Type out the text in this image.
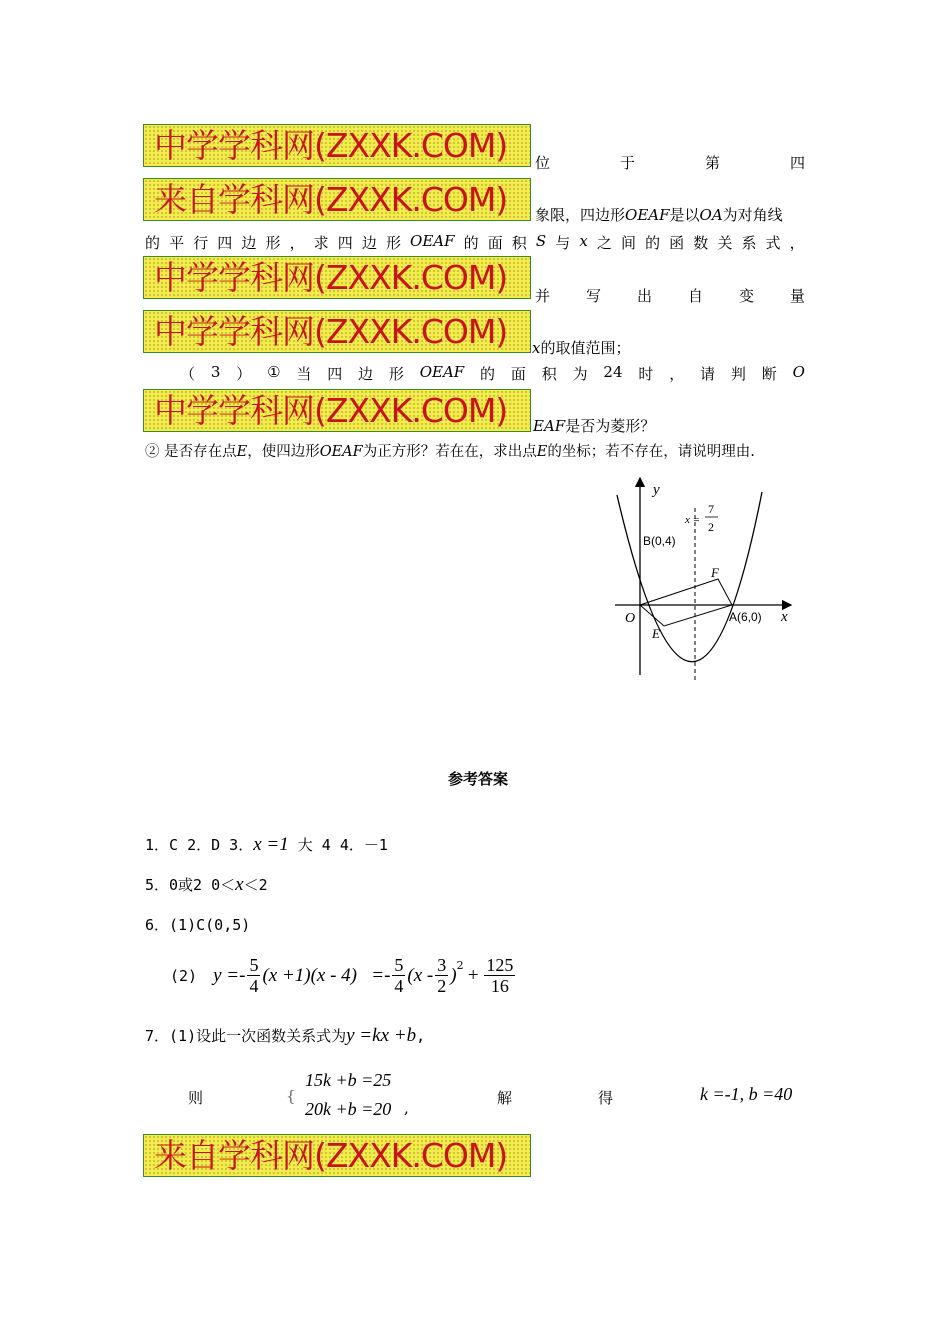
中学学科网(ZXXK.COM)
来自学科网(ZXXK.COM)
中学学科网(ZXXK.COM)
中学学科网(ZXXK.COM)
中学学科网(ZXXK.COM)
来自学科网(ZXXK.COM)
位	于	第	四
象限，四边形OEAF是以OA为对角线
的 平 行 四 边 形 ， 求 四 边 形 OEAF 的 面 积 S 与 x 之 间 的 函 数 关 系 式 ，
并 写 出 自 变 量
x的取值范围；
（ 3 ） ① 当 四 边 形 OEAF 的 面 积 为 24 时 ， 请 判 断 O
EAF是否为菱形？
② 是否存在点E，使四边形OEAF为正方形？若在在，求出点E的坐标；若不存在，请说明理由.
y
x
O
B(0,4)
A(6,0)
E
F
x =
7
2
参考答案
1．C 2．D 3．x =1 大 4 4．－1
5．0或2 0＜x＜2
6．(1)C(0,5)
(2) $y =- \frac{5}{4} (x +1)(x - 4) =- \frac{5}{4} (x - \frac{3}{2} )^2 + \frac{125}{16}$
7．(1)设此一次函数关系式为y =kx +b,
则	{
15k +b =25
20k +b =20 ,
解	得	k =-1, b =40
